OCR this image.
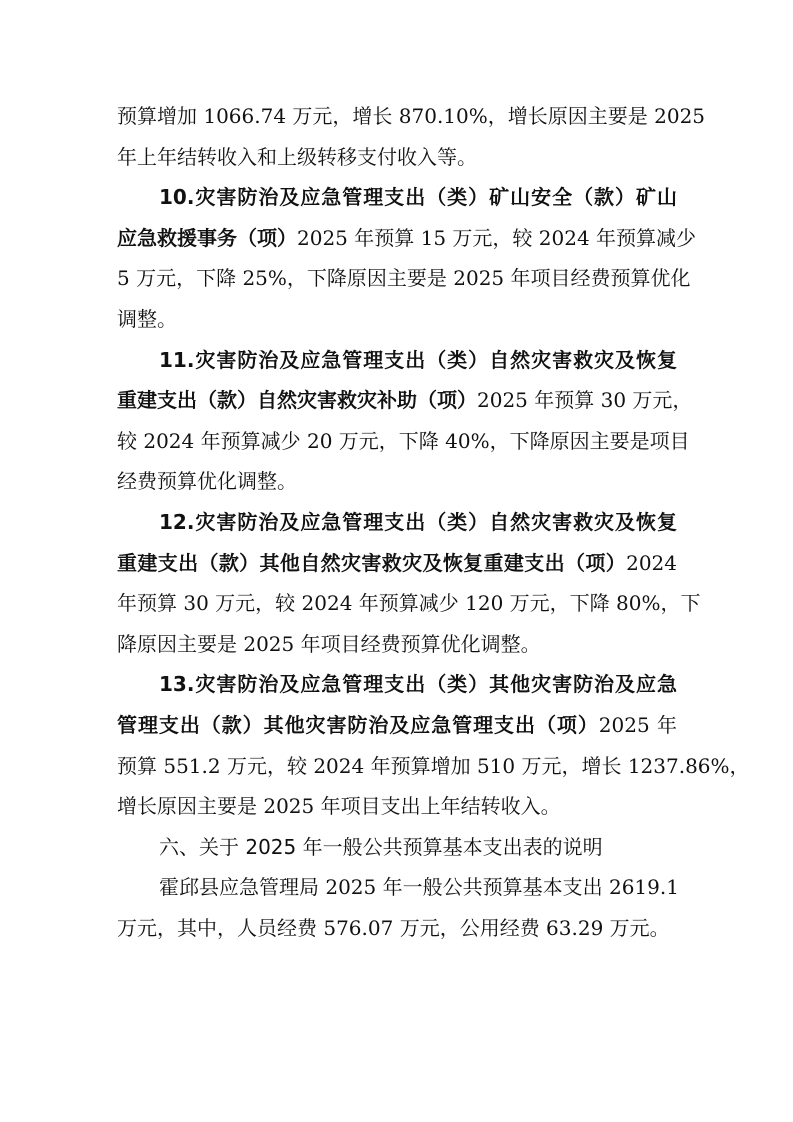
预算增加 1066.74 万元，增长 870.10%，增长原因主要是 2025
年上年结转收入和上级转移支付收入等。
10.灾害防治及应急管理支出（类）矿山安全（款）矿山
应急救援事务（项）2025 年预算 15 万元，较 2024 年预算减少
5 万元，下降 25%，下降原因主要是 2025 年项目经费预算优化
调整。
11.灾害防治及应急管理支出（类）自然灾害救灾及恢复
重建支出（款）自然灾害救灾补助（项）2025 年预算 30 万元，
较 2024 年预算减少 20 万元，下降 40%，下降原因主要是项目
经费预算优化调整。
12.灾害防治及应急管理支出（类）自然灾害救灾及恢复
重建支出（款）其他自然灾害救灾及恢复重建支出（项）2024
年预算 30 万元，较 2024 年预算减少 120 万元，下降 80%，下
降原因主要是 2025 年项目经费预算优化调整。
13.灾害防治及应急管理支出（类）其他灾害防治及应急
管理支出（款）其他灾害防治及应急管理支出（项）2025 年
预算 551.2 万元，较 2024 年预算增加 510 万元，增长 1237.86%，
增长原因主要是 2025 年项目支出上年结转收入。
六、关于 2025 年一般公共预算基本支出表的说明
霍邱县应急管理局 2025 年一般公共预算基本支出 2619.1
万元，其中，人员经费 576.07 万元，公用经费 63.29 万元。
